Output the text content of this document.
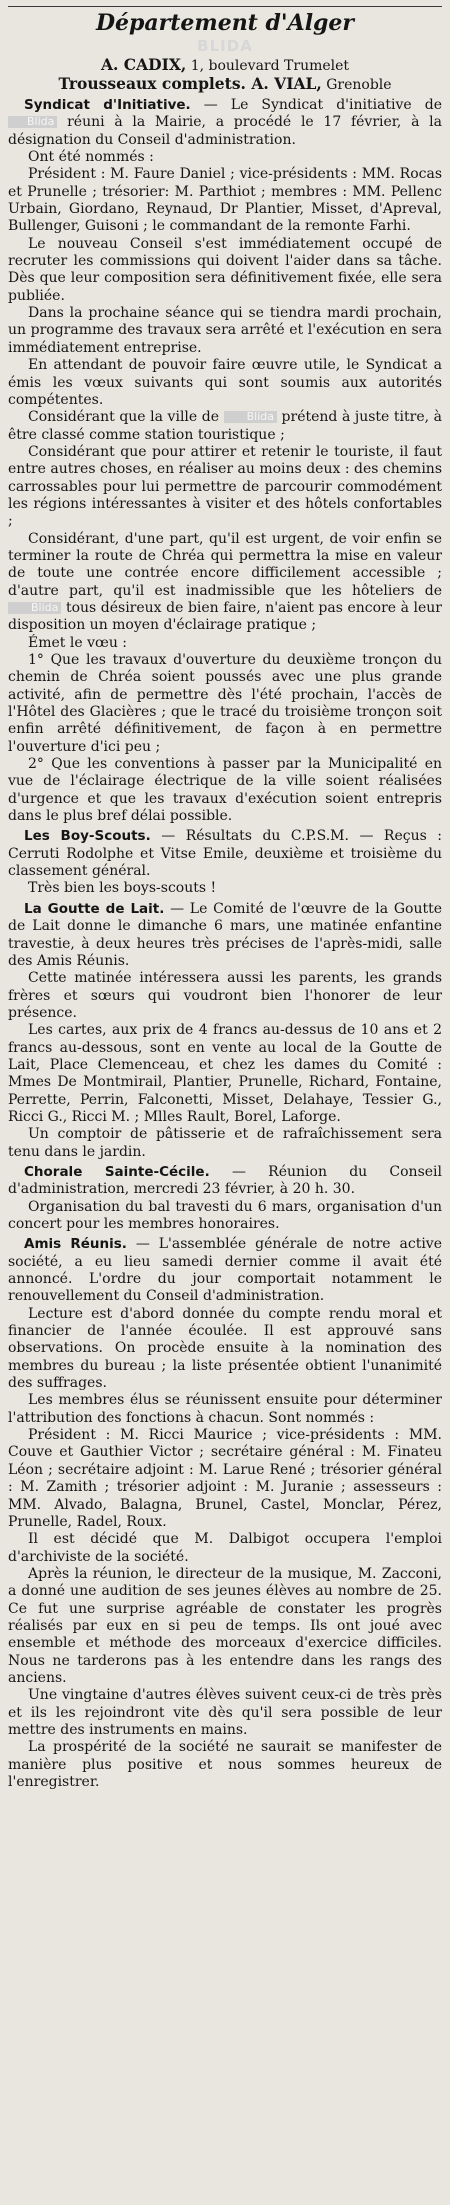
Département d'Alger
BLIDA
A. CADIX, 1, boulevard Trumelet
Trousseaux complets. A. VIAL, Grenoble

Syndicat d'Initiative. — Le Syndicat d'initiative de Blida réuni à la Mairie, a procédé le 17 février, à la désignation du Conseil d'administration.

Ont été nommés :

Président : M. Faure Daniel ; vice-présidents : MM. Rocas et Prunelle ; trésorier: M. Parthiot ; membres : MM. Pellenc Urbain, Giordano, Reynaud, Dr Plantier, Misset, d'Apreval, Bullenger, Guisoni ; le commandant de la remonte Farhi.

Le nouveau Conseil s'est immédiatement occupé de recruter les commissions qui doivent l'aider dans sa tâche. Dès que leur composition sera définitivement fixée, elle sera publiée.

Dans la prochaine séance qui se tiendra mardi prochain, un programme des travaux sera arrêté et l'exécution en sera immédiatement entreprise.

En attendant de pouvoir faire œuvre utile, le Syndicat a émis les vœux suivants qui sont soumis aux autorités compétentes.

Considérant que la ville de Blida prétend à juste titre, à être classé comme station touristique ;

Considérant que pour attirer et retenir le touriste, il faut entre autres choses, en réaliser au moins deux : des chemins carrossables pour lui permettre de parcourir commodément les régions intéressantes à visiter et des hôtels confortables ;

Considérant, d'une part, qu'il est urgent, de voir enfin se terminer la route de Chréa qui permettra la mise en valeur de toute une contrée encore difficilement accessible ; d'autre part, qu'il est inadmissible que les hôteliers de Blida tous désireux de bien faire, n'aient pas encore à leur disposition un moyen d'éclairage pratique ;

Émet le vœu :

1° Que les travaux d'ouverture du deuxième tronçon du chemin de Chréa soient poussés avec une plus grande activité, afin de permettre dès l'été prochain, l'accès de l'Hôtel des Glacières ; que le tracé du troisième tronçon soit enfin arrêté définitivement, de façon à en permettre l'ouverture d'ici peu ;

2° Que les conventions à passer par la Municipalité en vue de l'éclairage électrique de la ville soient réalisées d'urgence et que les travaux d'exécution soient entrepris dans le plus bref délai possible.

Les Boy-Scouts. — Résultats du C.P.S.M. — Reçus : Cerruti Rodolphe et Vitse Emile, deuxième et troisième du classement général.

Très bien les boys-scouts !

La Goutte de Lait. — Le Comité de l'œuvre de la Goutte de Lait donne le dimanche 6 mars, une matinée enfantine travestie, à deux heures très précises de l'après-midi, salle des Amis Réunis.

Cette matinée intéressera aussi les parents, les grands frères et sœurs qui voudront bien l'honorer de leur présence.

Les cartes, aux prix de 4 francs au-dessus de 10 ans et 2 francs au-dessous, sont en vente au local de la Goutte de Lait, Place Clemenceau, et chez les dames du Comité : Mmes De Montmirail, Plantier, Prunelle, Richard, Fontaine, Perrette, Perrin, Falconetti, Misset, Delahaye, Tessier G., Ricci G., Ricci M. ; Mlles Rault, Borel, Laforge.

Un comptoir de pâtisserie et de rafraîchissement sera tenu dans le jardin.

Chorale Sainte-Cécile. — Réunion du Conseil d'administration, mercredi 23 février, à 20 h. 30.

Organisation du bal travesti du 6 mars, organisation d'un concert pour les membres honoraires.

Amis Réunis. — L'assemblée générale de notre active société, a eu lieu samedi dernier comme il avait été annoncé. L'ordre du jour comportait notamment le renouvellement du Conseil d'administration.

Lecture est d'abord donnée du compte rendu moral et financier de l'année écoulée. Il est approuvé sans observations. On procède ensuite à la nomination des membres du bureau ; la liste présentée obtient l'unanimité des suffrages.

Les membres élus se réunissent ensuite pour déterminer l'attribution des fonctions à chacun. Sont nommés :

Président : M. Ricci Maurice ; vice-présidents : MM. Couve et Gauthier Victor ; secrétaire général : M. Finateu Léon ; secrétaire adjoint : M. Larue René ; trésorier général : M. Zamith ; trésorier adjoint : M. Juranie ; assesseurs : MM. Alvado, Balagna, Brunel, Castel, Monclar, Pérez, Prunelle, Radel, Roux.

Il est décidé que M. Dalbigot occupera l'emploi d'archiviste de la société.

Après la réunion, le directeur de la musique, M. Zacconi, a donné une audition de ses jeunes élèves au nombre de 25. Ce fut une surprise agréable de constater les progrès réalisés par eux en si peu de temps. Ils ont joué avec ensemble et méthode des morceaux d'exercice difficiles. Nous ne tarderons pas à les entendre dans les rangs des anciens.

Une vingtaine d'autres élèves suivent ceux-ci de très près et ils les rejoindront vite dès qu'il sera possible de leur mettre des instruments en mains.

La prospérité de la société ne saurait se manifester de manière plus positive et nous sommes heureux de l'enregistrer.
